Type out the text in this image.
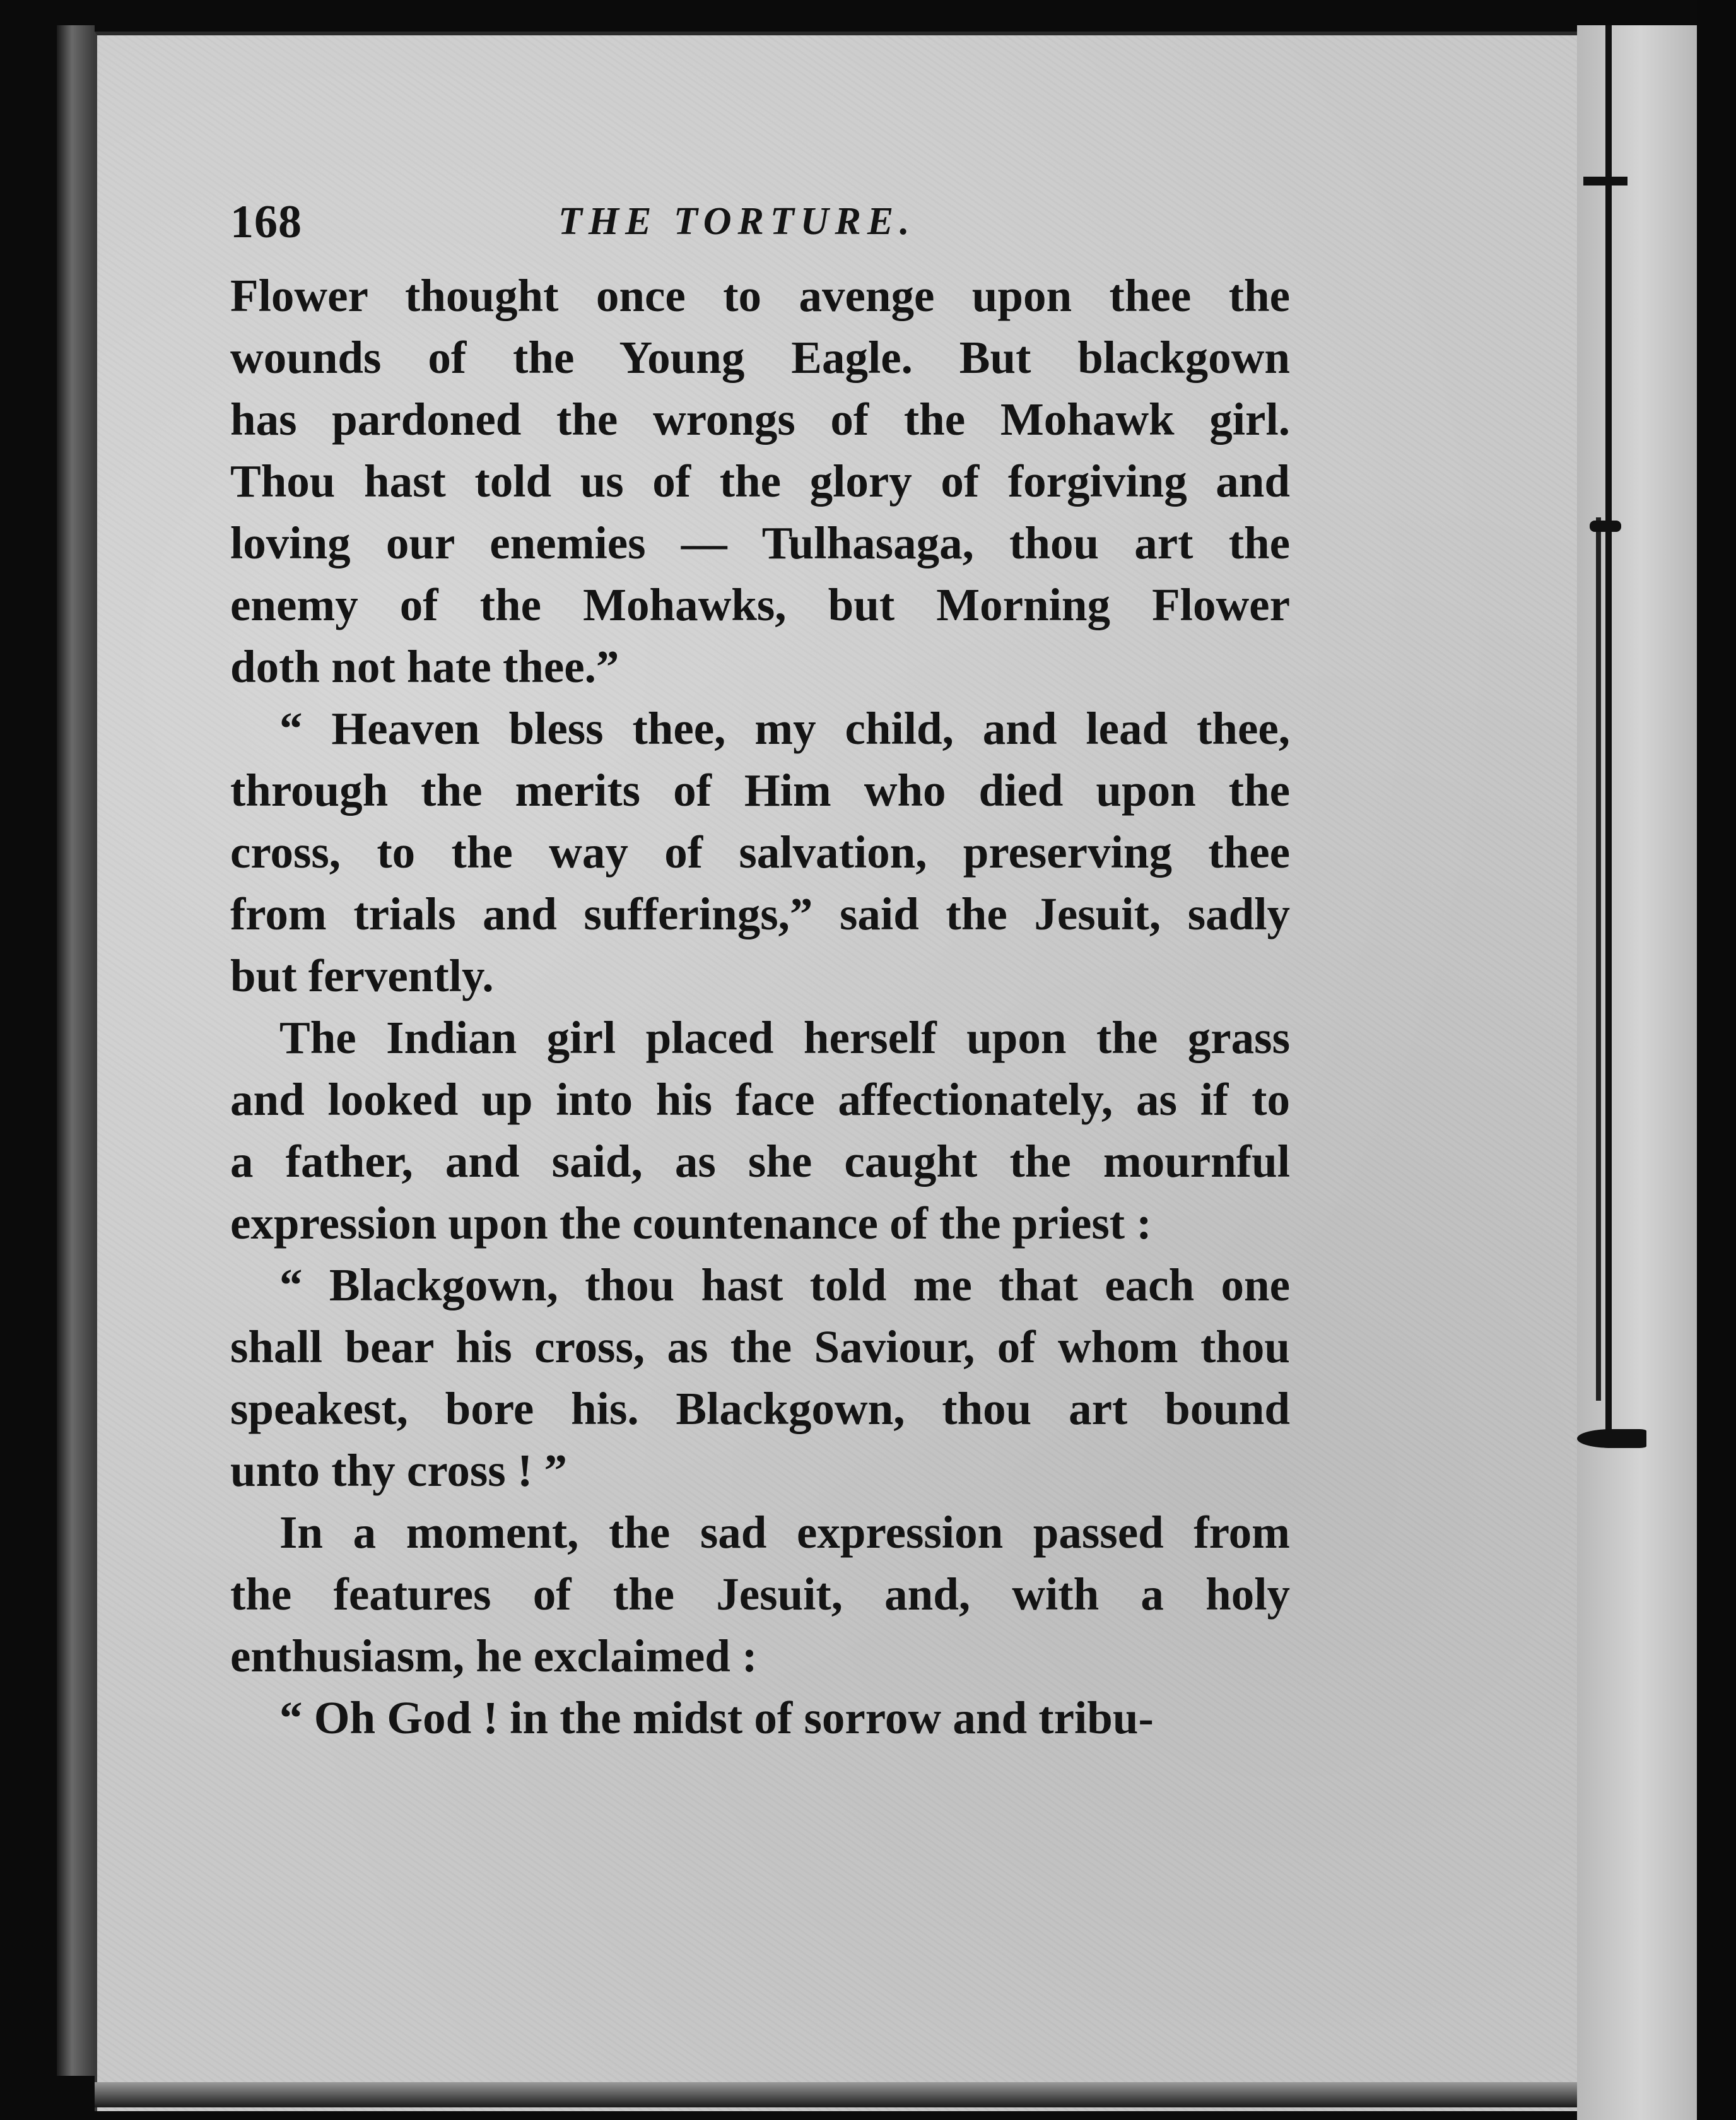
168	THE TORTURE.

Flower thought once to avenge upon thee the
wounds of the Young Eagle. But blackgown
has pardoned the wrongs of the Mohawk girl.
Thou hast told us of the glory of forgiving and
loving our enemies — Tulhasaga, thou art the
enemy of the Mohawks, but Morning Flower
doth not hate thee.”

“ Heaven bless thee, my child, and lead thee,
through the merits of Him who died upon the
cross, to the way of salvation, preserving thee
from trials and sufferings,” said the Jesuit, sadly
but fervently.

The Indian girl placed herself upon the grass
and looked up into his face affectionately, as if to
a father, and said, as she caught the mournful
expression upon the countenance of the priest :

“ Blackgown, thou hast told me that each one
shall bear his cross, as the Saviour, of whom thou
speakest, bore his. Blackgown, thou art bound
unto thy cross ! ”

In a moment, the sad expression passed from
the features of the Jesuit, and, with a holy
enthusiasm, he exclaimed :

“ Oh God ! in the midst of sorrow and tribu-
